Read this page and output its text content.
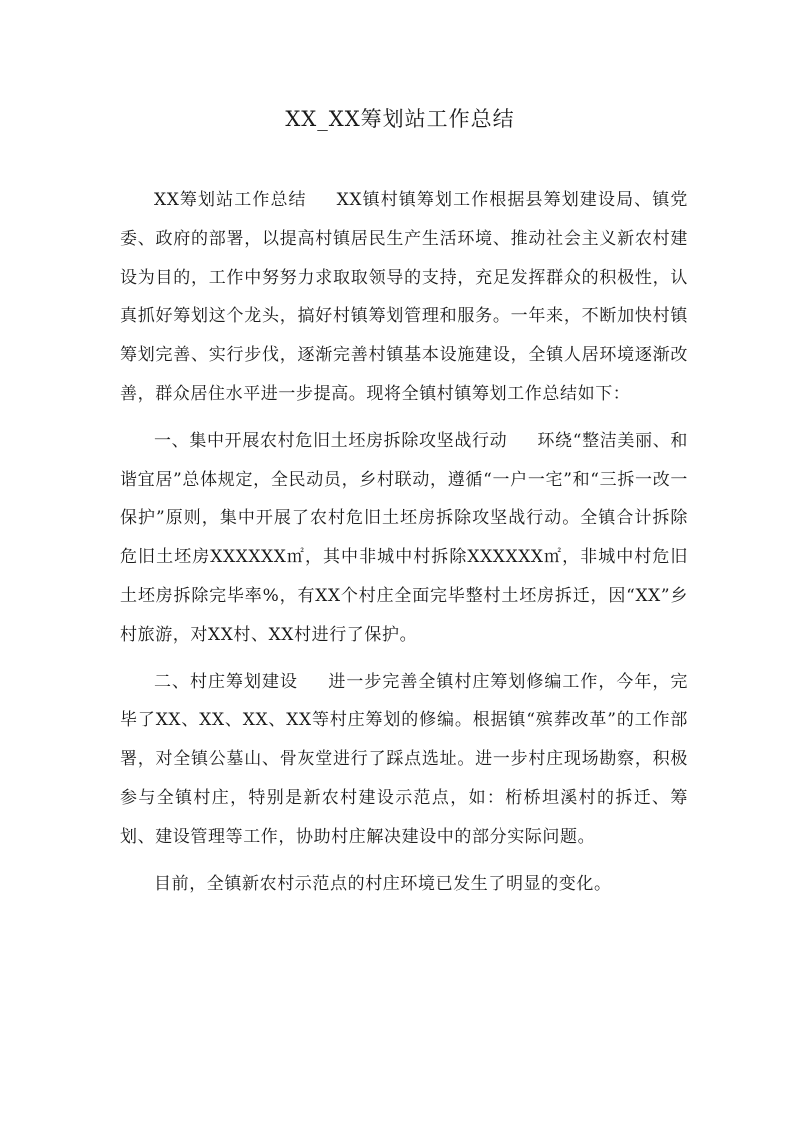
XX_XX筹划站工作总结

XX筹划站工作总结 XX镇村镇筹划工作根据县筹划建设局、镇党委、政府的部署，以提高村镇居民生产生活环境、推动社会主义新农村建设为目的，工作中努努力求取取领导的支持，充足发挥群众的积极性，认真抓好筹划这个龙头，搞好村镇筹划管理和服务。一年来，不断加快村镇筹划完善、实行步伐，逐渐完善村镇基本设施建设，全镇人居环境逐渐改善，群众居住水平进一步提高。现将全镇村镇筹划工作总结如下：

一、集中开展农村危旧土坯房拆除攻坚战行动 环绕“整洁美丽、和谐宜居”总体规定，全民动员，乡村联动，遵循“一户一宅”和“三拆一改一保护”原则，集中开展了农村危旧土坯房拆除攻坚战行动。全镇合计拆除危旧土坯房XXXXXX㎡，其中非城中村拆除XXXXXX㎡，非城中村危旧土坯房拆除完毕率%，有XX个村庄全面完毕整村土坯房拆迁，因“XX”乡村旅游，对XX村、XX村进行了保护。

二、村庄筹划建设 进一步完善全镇村庄筹划修编工作，今年，完毕了XX、XX、XX、XX等村庄筹划的修编。根据镇“殡葬改革”的工作部署，对全镇公墓山、骨灰堂进行了踩点选址。进一步村庄现场勘察，积极参与全镇村庄，特别是新农村建设示范点，如：桁桥坦溪村的拆迁、筹划、建设管理等工作，协助村庄解决建设中的部分实际问题。

目前，全镇新农村示范点的村庄环境已发生了明显的变化。
